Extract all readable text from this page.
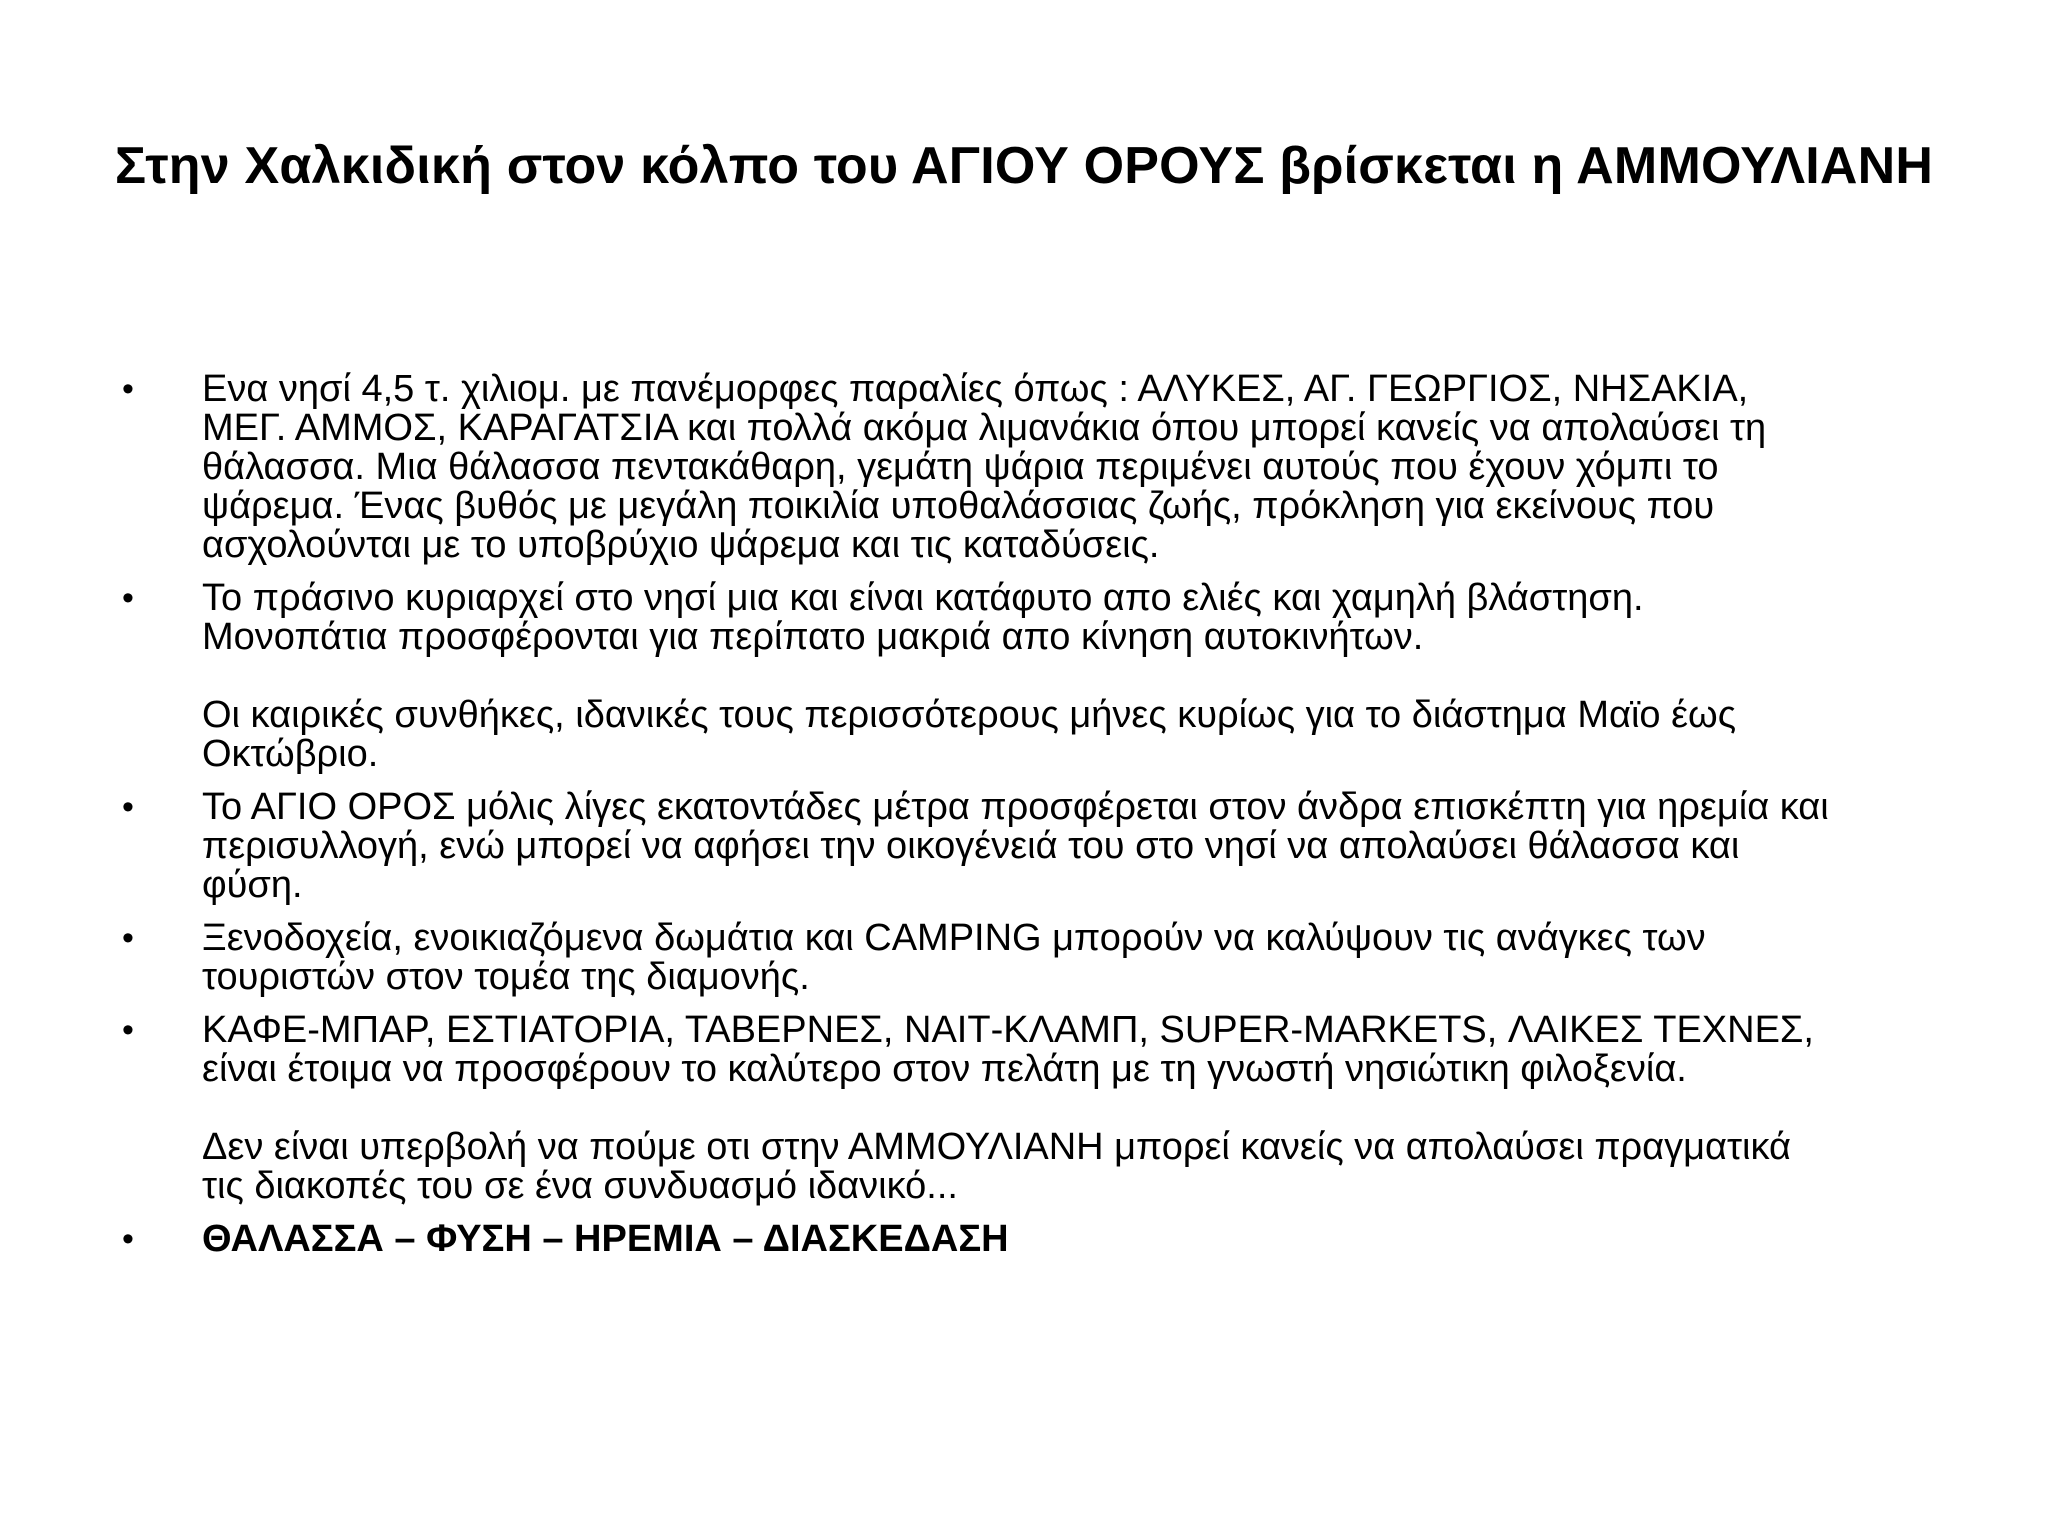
Στην Χαλκιδική στον κόλπο του ΑΓΙΟΥ ΟΡΟΥΣ βρίσκεται η ΑΜΜΟΥΛΙΑΝΗ
• Ενα νησί 4,5 τ. χιλιομ. με πανέμορφες παραλίες όπως : ΑΛΥΚΕΣ, ΑΓ. ΓΕΩΡΓΙΟΣ, ΝΗΣΑΚΙΑ,
ΜΕΓ. ΑΜΜΟΣ, ΚΑΡΑΓΑΤΣΙΑ και πολλά ακόμα λιμανάκια όπου μπορεί κανείς να απολαύσει τη
θάλασσα. Μια θάλασσα πεντακάθαρη, γεμάτη ψάρια περιμένει αυτούς που έχουν χόμπι το
ψάρεμα. Ένας βυθός με μεγάλη ποικιλία υποθαλάσσιας ζωής, πρόκληση για εκείνους που
ασχολούνται με το υποβρύχιο ψάρεμα και τις καταδύσεις.
• Το πράσινο κυριαρχεί στο νησί μια και είναι κατάφυτο απο ελιές και χαμηλή βλάστηση.
Μονοπάτια προσφέρονται για περίπατο μακριά απο κίνηση αυτοκινήτων.
Οι καιρικές συνθήκες, ιδανικές τους περισσότερους μήνες κυρίως για το διάστημα Μαϊο έως
Οκτώβριο.
• Το ΑΓΙΟ ΟΡΟΣ μόλις λίγες εκατοντάδες μέτρα προσφέρεται στον άνδρα επισκέπτη για ηρεμία και
περισυλλογή, ενώ μπορεί να αφήσει την οικογένειά του στο νησί να απολαύσει θάλασσα και
φύση.
• Ξενοδοχεία, ενοικιαζόμενα δωμάτια και CAMPING μπορούν να καλύψουν τις ανάγκες των
τουριστών στον τομέα της διαμονής.
• ΚΑΦΕ-ΜΠΑΡ, ΕΣΤΙΑΤΟΡΙΑ, ΤΑΒΕΡΝΕΣ, ΝΑΙΤ-ΚΛΑΜΠ, SUPER-MARKETS, ΛΑΙΚΕΣ ΤΕΧΝΕΣ,
είναι έτοιμα να προσφέρουν το καλύτερο στον πελάτη με τη γνωστή νησιώτικη φιλοξενία.
Δεν είναι υπερβολή να πούμε οτι στην ΑΜΜΟΥΛΙΑΝΗ μπορεί κανείς να απολαύσει πραγματικά
τις διακοπές του σε ένα συνδυασμό ιδανικό...
• ΘΑΛΑΣΣΑ – ΦΥΣΗ – ΗΡΕΜΙΑ – ΔΙΑΣΚΕΔΑΣΗ
